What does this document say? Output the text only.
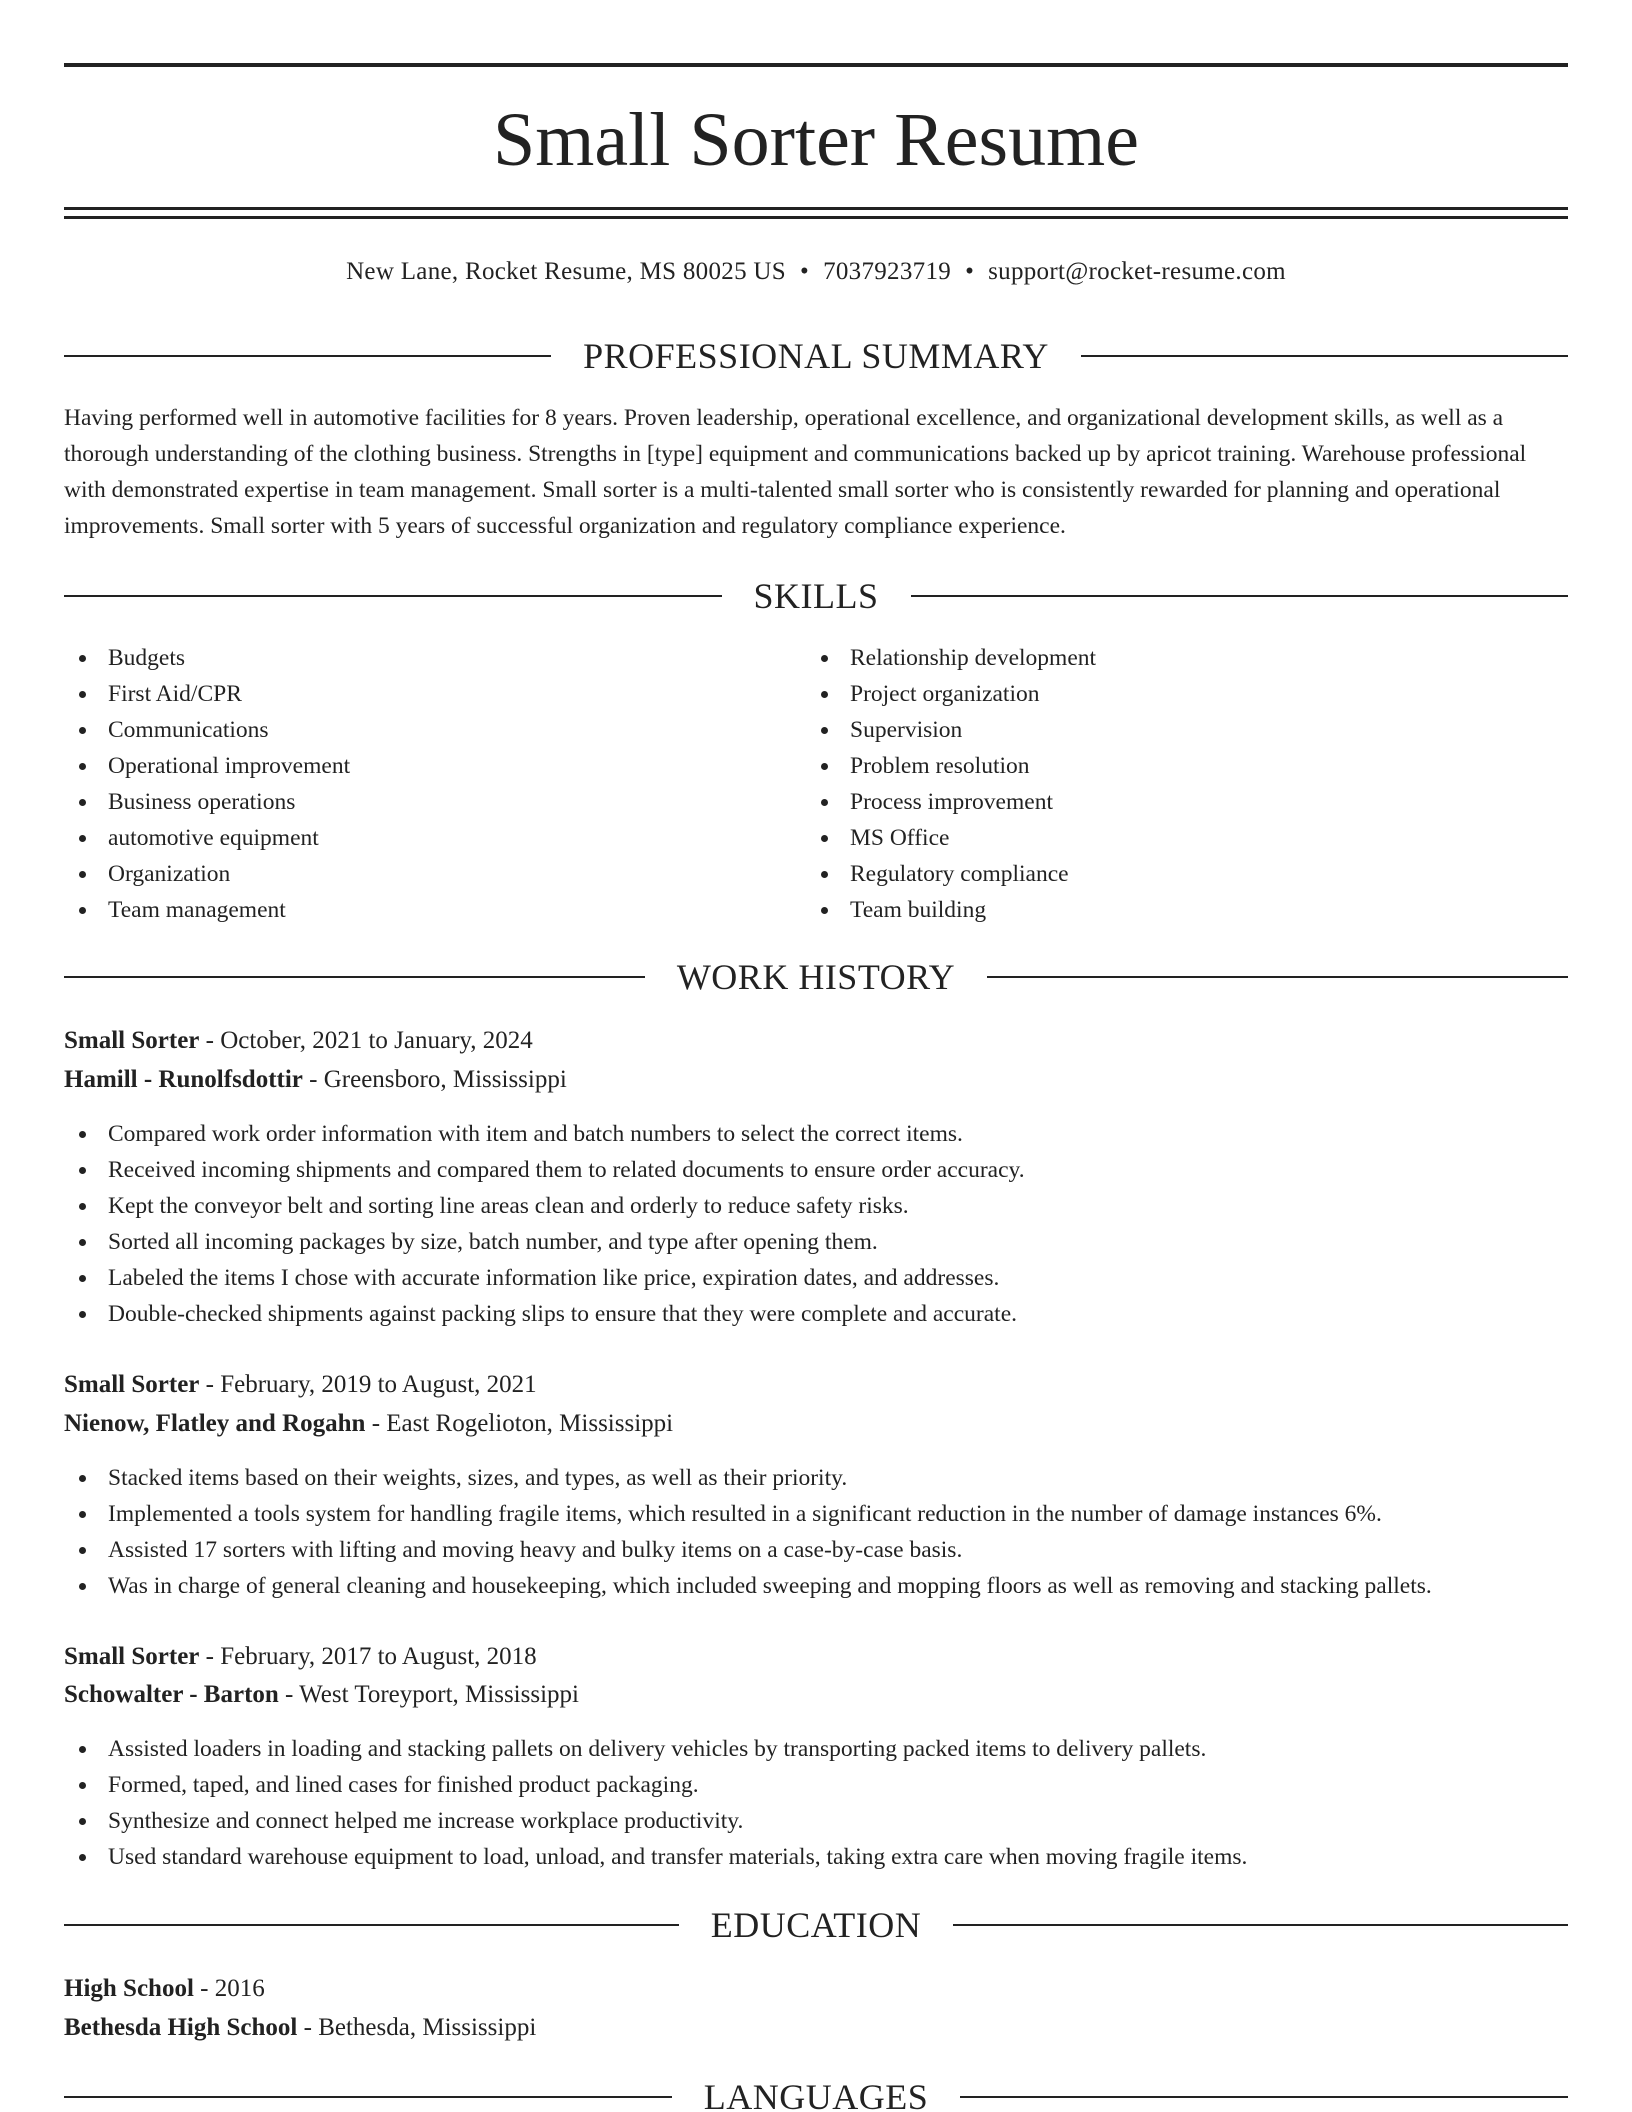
Small Sorter Resume
New Lane, Rocket Resume, MS 80025 US • 7037923719 • support@rocket-resume.com
PROFESSIONAL SUMMARY

Having performed well in automotive facilities for 8 years. Proven leadership, operational excellence, and organizational development skills, as well as a thorough understanding of the clothing business. Strengths in [type] equipment and communications backed up by apricot training. Warehouse professional with demonstrated expertise in team management. Small sorter is a multi-talented small sorter who is consistently rewarded for planning and operational improvements. Small sorter with 5 years of successful organization and regulatory compliance experience.

SKILLS
Budgets
First Aid/CPR
Communications
Operational improvement
Business operations
automotive equipment
Organization
Team management
Relationship development
Project organization
Supervision
Problem resolution
Process improvement
MS Office
Regulatory compliance
Team building
WORK HISTORY
Small Sorter - October, 2021 to January, 2024
Hamill - Runolfsdottir - Greensboro, Mississippi
Compared work order information with item and batch numbers to select the correct items.
Received incoming shipments and compared them to related documents to ensure order accuracy.
Kept the conveyor belt and sorting line areas clean and orderly to reduce safety risks.
Sorted all incoming packages by size, batch number, and type after opening them.
Labeled the items I chose with accurate information like price, expiration dates, and addresses.
Double-checked shipments against packing slips to ensure that they were complete and accurate.
Small Sorter - February, 2019 to August, 2021
Nienow, Flatley and Rogahn - East Rogelioton, Mississippi
Stacked items based on their weights, sizes, and types, as well as their priority.
Implemented a tools system for handling fragile items, which resulted in a significant reduction in the number of damage instances 6%.
Assisted 17 sorters with lifting and moving heavy and bulky items on a case-by-case basis.
Was in charge of general cleaning and housekeeping, which included sweeping and mopping floors as well as removing and stacking pallets.
Small Sorter - February, 2017 to August, 2018
Schowalter - Barton - West Toreyport, Mississippi
Assisted loaders in loading and stacking pallets on delivery vehicles by transporting packed items to delivery pallets.
Formed, taped, and lined cases for finished product packaging.
Synthesize and connect helped me increase workplace productivity.
Used standard warehouse equipment to load, unload, and transfer materials, taking extra care when moving fragile items.
EDUCATION
High School - 2016
Bethesda High School - Bethesda, Mississippi
LANGUAGES
